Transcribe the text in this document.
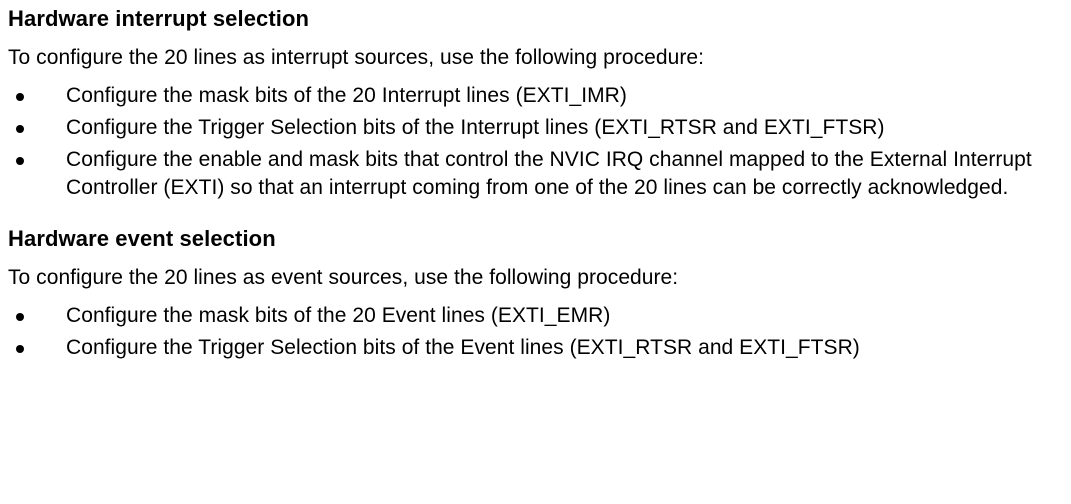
Hardware interrupt selection

To configure the 20 lines as interrupt sources, use the following procedure:

Configure the mask bits of the 20 Interrupt lines (EXTI_IMR)
Configure the Trigger Selection bits of the Interrupt lines (EXTI_RTSR and EXTI_FTSR)
Configure the enable and mask bits that control the NVIC IRQ channel mapped to the External Interrupt Controller (EXTI) so that an interrupt coming from one of the 20 lines can be correctly acknowledged.
Hardware event selection

To configure the 20 lines as event sources, use the following procedure:

Configure the mask bits of the 20 Event lines (EXTI_EMR)
Configure the Trigger Selection bits of the Event lines (EXTI_RTSR and EXTI_FTSR)
